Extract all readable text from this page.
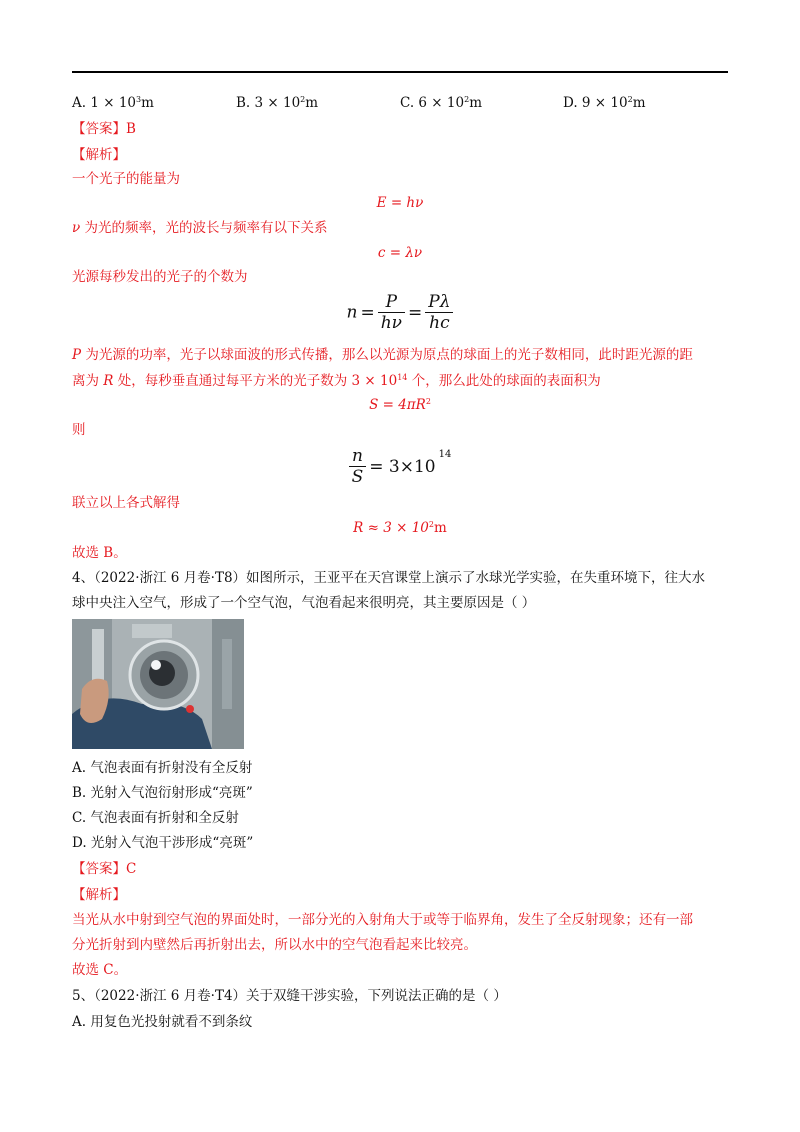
A. $1 \times 10^3m$	B. $3 \times 10^2m$	C. $6 \times 10^2m$	D. $9 \times 10^2m$
【答案】B
【解析】
一个光子的能量为
E = hν
ν 为光的频率，光的波长与频率有以下关系
c = λν
光源每秒发出的光子的个数为
$n = \frac{P}{h\nu} = \frac{P\lambda}{hc}$
P 为光源的功率，光子以球面波的形式传播，那么以光源为原点的球面上的光子数相同，此时距光源的距
离为 R 处，每秒垂直通过每平方米的光子数为 $3 \times 10^{14}$ 个，那么此处的球面的表面积为
$S = 4\pi R^2$
则
$\frac{n}{S} = 3\times 10^{14}$
联立以上各式解得
$R \approx 3 \times 10^2m$
故选 B。
4、（2022·浙江 6 月卷·T8）如图所示，王亚平在天宫课堂上演示了水球光学实验，在失重环境下，往大水
球中央注入空气，形成了一个空气泡，气泡看起来很明亮，其主要原因是（ ）
A. 气泡表面有折射没有全反射
B. 光射入气泡衍射形成“亮斑”
C. 气泡表面有折射和全反射
D. 光射入气泡干涉形成“亮斑”
【答案】C
【解析】
当光从水中射到空气泡的界面处时，一部分光的入射角大于或等于临界角，发生了全反射现象；还有一部
分光折射到内壁然后再折射出去，所以水中的空气泡看起来比较亮。
故选 C。
5、（2022·浙江 6 月卷·T4）关于双缝干涉实验，下列说法正确的是（ ）
A. 用复色光投射就看不到条纹
